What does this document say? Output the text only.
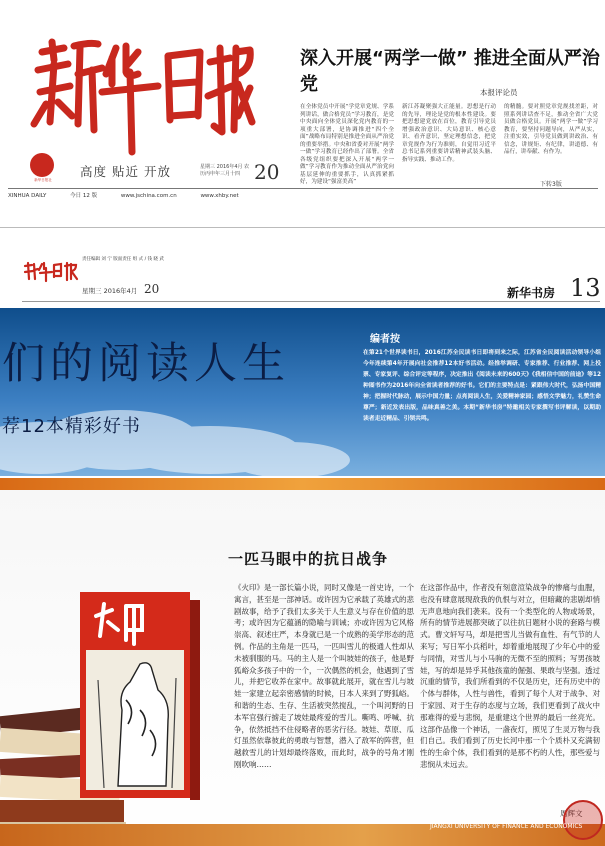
新华日报社
高度 贴近 开放	星期三 2016年4月 农历丙申年三月十四 20
深入开展“两学一做” 推进全面从严治党	本报评论员
在全体党员中开展“学党章党规、学系列讲话，做合格党员”学习教育，是党中央面向全体党员深化党内教育的一项重大部署，是协调推进“四个全面”战略布局特别是推进全面从严治党的重要举措。中央和省委对开展“两学一做”学习教育已经作出了部署。全省各级党组织要把深入开展“两学一做”学习教育作为推动全面从严治党向基层延伸的重要抓手，认真抓紧抓好，为建设“强富美高”
新江苏凝聚强大正能量。思想是行动的先导，理论是党的根本性建设。要把思想建党放在首位，教育引导党员增强政治意识、大局意识、核心意识、看齐意识，坚定理想信念，把党章党规作为行为准则，自觉用习近平总书记系列重要讲话精神武装头脑、指导实践、推动工作。
的精髓。要对照党章党规找差距，对照系列讲话查不足，推动全省广大党员做合格党员。开展“两学一做”学习教育，要坚持问题导向，从严从实，注重实效，引导党员做到讲政治、有信念，讲规矩、有纪律，讲道德、有品行，讲奉献、有作为。
下转3版
XINHUA DAILY	今日 12 版	www.jschina.com.cn	www.xhby.net
责任编辑 刘 宁 版面责任 组 式 / 钱 晓 武
星期三 2016年4月 20	新华书房 13
们的阅读人生
荐12本精彩好书
编者按
在第21个世界读书日，2016江苏全民读书日即将到来之际，江苏省全民阅读活动领导小组今年连续第4年开展向社会推荐12本好书活动。经推举调研、专家推荐、行业推荐、网上投票、专家复评、综合评定等程序，决定推出《阅读未来的600天》《我相信中国的前途》等12种图书作为2016年向全省读者推荐的好书。它们的主要特点是：紧跟伟大时代，弘扬中国精神；把握时代脉动，展示中国力量；点亮阅读人生，关爱精神家园；感悟文学魅力，礼赞生命尊严；新近发表出版，品味真善之美。本期“新华书房”特邀相关专家撰写书评解读，以期助读者走近精品、引领共鸣。
一匹马眼中的抗日战争
《火印》是一部长篇小说，同时又像是一首史诗，一个寓言，甚至是一部神话。或许因为它承载了英雄式的悲剧故事，给予了我们太多关于人生意义与存在价值的思考；或许因为它蕴涵的隐喻与训诫；亦或许因为它风格崇高、叙述庄严，本身就已是一个成熟的美学形态的范例。作品的主角是一匹马，一匹叫雪儿的极通人性却从未被驯服的马。马的主人是一个叫坡娃的孩子，他是野狐峪众多孩子中的一个，一次偶然的机会，他遇到了雪儿，并把它收养在家中。故事就此展开，就在雪儿与坡娃一家建立起亲密感情的时候，日本人来到了野狐峪。和谐的生态、生存、生活被突然搅乱，一个叫河野的日本军官强行掳走了坡娃最疼爱的雪儿。嘶鸣、呼喊、抗争，依然抵挡不住侵略者的恶劣行径。坡娃、草原、瓜灯虽然依靠彼此的勇敢与智慧，潜入了敌军的阵营，但越救雪儿的计划却最终落败，而此时，战争的号角才刚刚吹响……
在这部作品中，作者没有刻意渲染战争的惨痛与血腥，也没有肆意展现敌我的仇恨与对立，但暗藏的悲剧却悄无声息地向我们袭来。没有一个类型化的人物或场景，所有的情节进展都突破了以往抗日题材小说的套路与模式。曹文轩写马，却是把雪儿当做有血性、有气节的人来写；写日军小兵稻叶，却着重地展现了少年心中的爱与同情，对雪儿与小马驹的无微不至的照料；写男孩坡娃，写的却是异乎其他孩童的倔强、果敢与坚强。透过沉重的情节，我们所看到的不仅是历史，还有历史中的个体与群体，人性与兽性，看到了每个人对于战争、对于家园、对于生存的态度与立场，我们更看到了战火中那难得的爱与悲悯，是重建这个世界的最后一丝亮光。这部作品像一个神话，一盏夜灯，照见了生灵万物与我们自己。我们看到了历史长河中那一个个质朴又充满韧性的生命个体，我们看到的是那不朽的人性，那些爱与悲悯从未远去。
周辉文
JIANGXI UNIVERSITY OF FINANCE AND ECONOMICS
